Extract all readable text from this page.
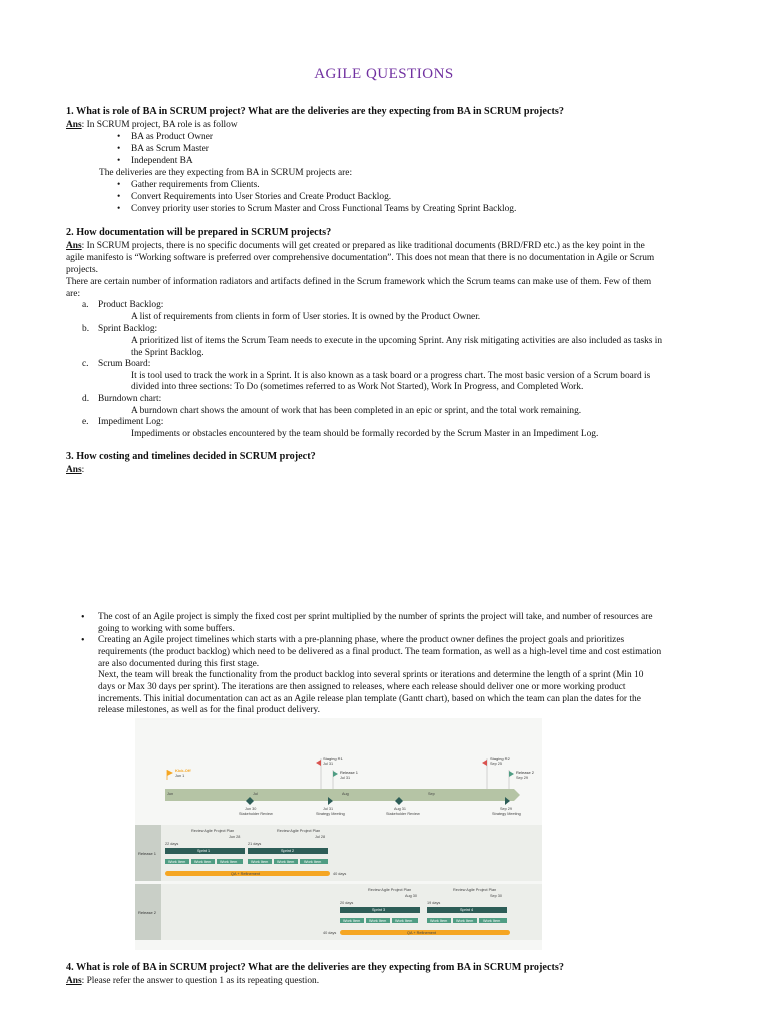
AGILE QUESTIONS
1. What is role of BA in SCRUM project? What are the deliveries are they expecting from BA in SCRUM projects?
Ans: In SCRUM project, BA role is as follow
• BA as Product Owner
• BA as Scrum Master
• Independent BA
The deliveries are they expecting from BA in SCRUM projects are:
• Gather requirements from Clients.
• Convert Requirements into User Stories and Create Product Backlog.
• Convey priority user stories to Scrum Master and Cross Functional Teams by Creating Sprint Backlog.
2. How documentation will be prepared in SCRUM projects?
Ans: In SCRUM projects, there is no specific documents will get created or prepared as like traditional documents (BRD/FRD etc.) as the key point in the
agile manifesto is “Working software is preferred over comprehensive documentation”. This does not mean that there is no documentation in Agile or Scrum
projects.
There are certain number of information radiators and artifacts defined in the Scrum framework which the Scrum teams can make use of them. Few of them
are:
a. Product Backlog:
A list of requirements from clients in form of User stories. It is owned by the Product Owner.
b. Sprint Backlog:
A prioritized list of items the Scrum Team needs to execute in the upcoming Sprint. Any risk mitigating activities are also included as tasks in
the Sprint Backlog.
c. Scrum Board:
It is tool used to track the work in a Sprint. It is also known as a task board or a progress chart. The most basic version of a Scrum board is
divided into three sections: To Do (sometimes referred to as Work Not Started), Work In Progress, and Completed Work.
d. Burndown chart:
A burndown chart shows the amount of work that has been completed in an epic or sprint, and the total work remaining.
e. Impediment Log:
Impediments or obstacles encountered by the team should be formally recorded by the Scrum Master in an Impediment Log.
3. How costing and timelines decided in SCRUM project?
Ans:
• The cost of an Agile project is simply the fixed cost per sprint multiplied by the number of sprints the project will take, and number of resources are
going to working with some buffers.
• Creating an Agile project timelines which starts with a pre-planning phase, where the product owner defines the project goals and prioritizes
requirements (the product backlog) which need to be delivered as a final product. The team formation, as well as a high-level time and cost estimation
are also documented during this first stage.
Next, the team will break the functionality from the product backlog into several sprints or iterations and determine the length of a sprint (Min 10
days or Max 30 days per sprint). The iterations are then assigned to releases, where each release should deliver one or more working product
increments. This initial documentation can act as an Agile release plan template (Gantt chart), based on which the team can plan the dates for the
release milestones, as well as for the final product delivery.
Kick-Off
Jun 1
Staging R1
Jul 31
Release 1
Jul 31
Staging R2
Sep 25
Release 2
Sep 29
Jun	Jul	Aug	Sep
Jun 30
Stakeholder Review
Jul 31
Strategy Meeting
Aug 31
Stakeholder Review
Sep 29
Strategy Meeting
Release 1
Release 2
Review Agile Project Plan
Jun 28
Review Agile Project Plan
Jul 28
22 days	21 days
Sprint 1	Sprint 2
Work Item Work Item Work Item	Work Item Work Item	Work Item
QA + Refinement	40 days
Review Agile Project Plan
Aug 30
Review Agile Project Plan
Sep 30
20 days	19 days
Sprint 3	Sprint 4
Work Item Work Item Work Item	Work Item Work Item	Work Item
40 days	QA + Refinement
4. What is role of BA in SCRUM project? What are the deliveries are they expecting from BA in SCRUM projects?
Ans: Please refer the answer to question 1 as its repeating question.
